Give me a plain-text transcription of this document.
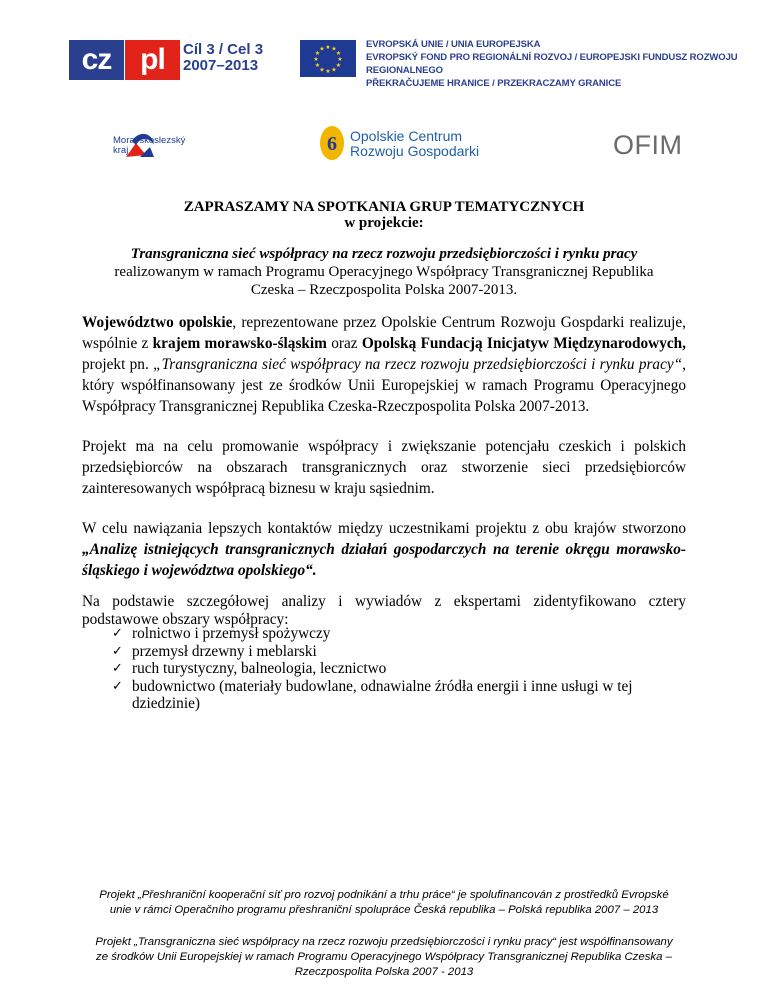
cz pl	Cíl 3 / Cel 3
2007–2013
★ ★
★
★
★
★
★
★
★
★
★
★	EVROPSKÁ UNIE / UNIA EUROPEJSKA
EVROPSKÝ FOND PRO REGIONÁLNÍ ROZVOJ / EUROPEJSKI FUNDUSZ ROZWOJU REGIONALNEGO
PŘEKRAČUJEME HRANICE / PRZEKRACZAMY GRANICE
Moravskoslezský
kraj	6 Opolskie Centrum
Rozwoju Gospodarki	OFIM
ZAPRASZAMY NA SPOTKANIA GRUP TEMATYCZNYCH
w projekcie:
Transgraniczna sieć współpracy na rzecz rozwoju przedsiębiorczości i rynku pracy
realizowanym w ramach Programu Operacyjnego Współpracy Transgranicznej Republika
Czeska – Rzeczpospolita Polska 2007-2013.
Województwo opolskie, reprezentowane przez Opolskie Centrum Rozwoju Gospdarki realizuje, wspólnie z krajem morawsko-śląskim oraz Opolską Fundacją Inicjatyw Międzynarodowych, projekt pn. „Transgraniczna sieć współpracy na rzecz rozwoju przedsiębiorczości i rynku pracy“, który współfinansowany jest ze środków Unii Europejskiej w ramach Programu Operacyjnego Współpracy Transgranicznej Republika Czeska-Rzeczpospolita Polska 2007-2013.
Projekt ma na celu promowanie współpracy i zwiększanie potencjału czeskich i polskich przedsiębiorców na obszarach transgranicznych oraz stworzenie sieci przedsiębiorców zainteresowanych współpracą biznesu w kraju sąsiednim.
W celu nawiązania lepszych kontaktów między uczestnikami projektu z obu krajów stworzono „Analizę istniejących transgranicznych działań gospodarczych na terenie okręgu morawsko-śląskiego i województwa opolskiego“.
Na podstawie szczegółowej analizy i wywiadów z ekspertami zidentyfikowano cztery podstawowe obszary współpracy:
✓ rolnictwo i przemysł spożywczy
✓ przemysł drzewny i meblarski
✓ ruch turystyczny, balneologia, lecznictwo
✓ budownictwo (materiały budowlane, odnawialne źródła energii i inne usługi w tej dziedzinie)
Projekt „Přeshraniční kooperační síť pro rozvoj podnikání a trhu práce“ je spolufinancován z prostředků Evropské
unie v rámci Operačního programu přeshraniční spolupráce Česká republika – Polská republika 2007 – 2013
Projekt „Transgraniczna sieć współpracy na rzecz rozwoju przedsiębiorczości i rynku pracy“ jest współfinansowany
ze środków Unii Europejskiej w ramach Programu Operacyjnego Współpracy Transgranicznej Republika Czeska –
Rzeczpospolita Polska 2007 - 2013
